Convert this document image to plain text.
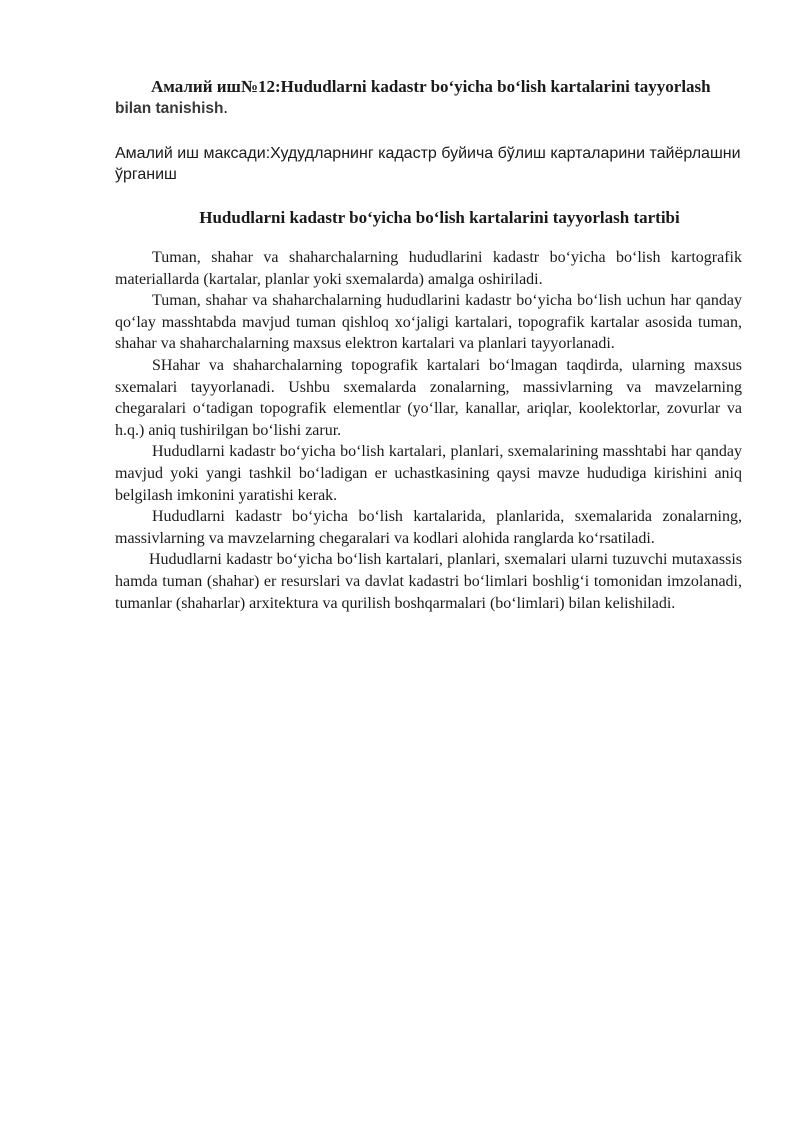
Амалий иш№12:Hududlarni kadastr bo‘yicha bo‘lish kartalarini tayyorlash bilan tanishish.

Амалий иш максади:Худудларнинг кадастр буйича бўлиш карталарини тайёрлашни ўрганиш

Hududlarni kadastr bo‘yicha bo‘lish kartalarini tayyorlash tartibi

Tuman, shahar va shaharchalarning hududlarini kadastr bo‘yicha bo‘lish kartografik materiallarda (kartalar, planlar yoki sxemalarda) amalga oshiriladi.

Tuman, shahar va shaharchalarning hududlarini kadastr bo‘yicha bo‘lish uchun har qanday qo‘lay masshtabda mavjud tuman qishloq xo‘jaligi kartalari, topografik kartalar asosida tuman, shahar va shaharchalarning maxsus elektron kartalari va planlari tayyorlanadi.

SHahar va shaharchalarning topografik kartalari bo‘lmagan taqdirda, ularning maxsus sxemalari tayyorlanadi. Ushbu sxemalarda zonalarning, massivlarning va mavzelarning chegaralari o‘tadigan topografik elementlar (yo‘llar, kanallar, ariqlar, koolektorlar, zovurlar va h.q.) aniq tushirilgan bo‘lishi zarur.

Hududlarni kadastr bo‘yicha bo‘lish kartalari, planlari, sxemalarining masshtabi har qanday mavjud yoki yangi tashkil bo‘ladigan er uchastkasining qaysi mavze hududiga kirishini aniq belgilash imkonini yaratishi kerak.

Hududlarni kadastr bo‘yicha bo‘lish kartalarida, planlarida, sxemalarida zonalarning, massivlarning va mavzelarning chegaralari va kodlari alohida ranglarda ko‘rsatiladi.

Hududlarni kadastr bo‘yicha bo‘lish kartalari, planlari, sxemalari ularni tuzuvchi mutaxassis hamda tuman (shahar) er resurslari va davlat kadastri bo‘limlari boshlig‘i tomonidan imzolanadi, tumanlar (shaharlar) arxitektura va qurilish boshqarmalari (bo‘limlari) bilan kelishiladi.
